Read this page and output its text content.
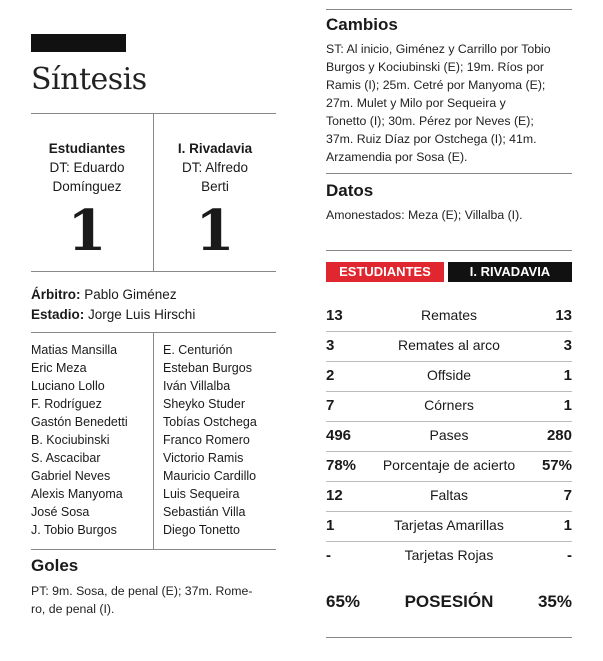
Síntesis
Estudiantes
DT: Eduardo
Domínguez
1
I. Rivadavia
DT: Alfredo
Berti
1
Árbitro: Pablo Giménez
Estadio: Jorge Luis Hirschi
Matias Mansilla
Eric Meza
Luciano Lollo
F. Rodríguez
Gastón Benedetti
B. Kociubinski
S. Ascacibar
Gabriel Neves
Alexis Manyoma
José Sosa
J. Tobio Burgos
E. Centurión
Esteban Burgos
Iván Villalba
Sheyko Studer
Tobías Ostchega
Franco Romero
Victorio Ramis
Mauricio Cardillo
Luis Sequeira
Sebastián Villa
Diego Tonetto
Goles
PT: 9m. Sosa, de penal (E); 37m. Rome-
ro, de penal (I).
Cambios
ST: Al inicio, Giménez y Carrillo por Tobio
Burgos y Kociubinski (E); 19m. Ríos por
Ramis (I); 25m. Cetré por Manyoma (E);
27m. Mulet y Milo por Sequeira y
Tonetto (I); 30m. Pérez por Neves (E);
37m. Ruiz Díaz por Ostchega (I); 41m.
Arzamendia por Sosa (E).
Datos
Amonestados: Meza (E); Villalba (I).
ESTUDIANTES	I. RIVADAVIA
13	Remates	13
3	Remates al arco	3
2	Offside	1
7	Córners	1
496	Pases	280
78%	Porcentaje de acierto	57%
12	Faltas	7
1	Tarjetas Amarillas	1
-	Tarjetas Rojas	-
65%	POSESIÓN	35%
